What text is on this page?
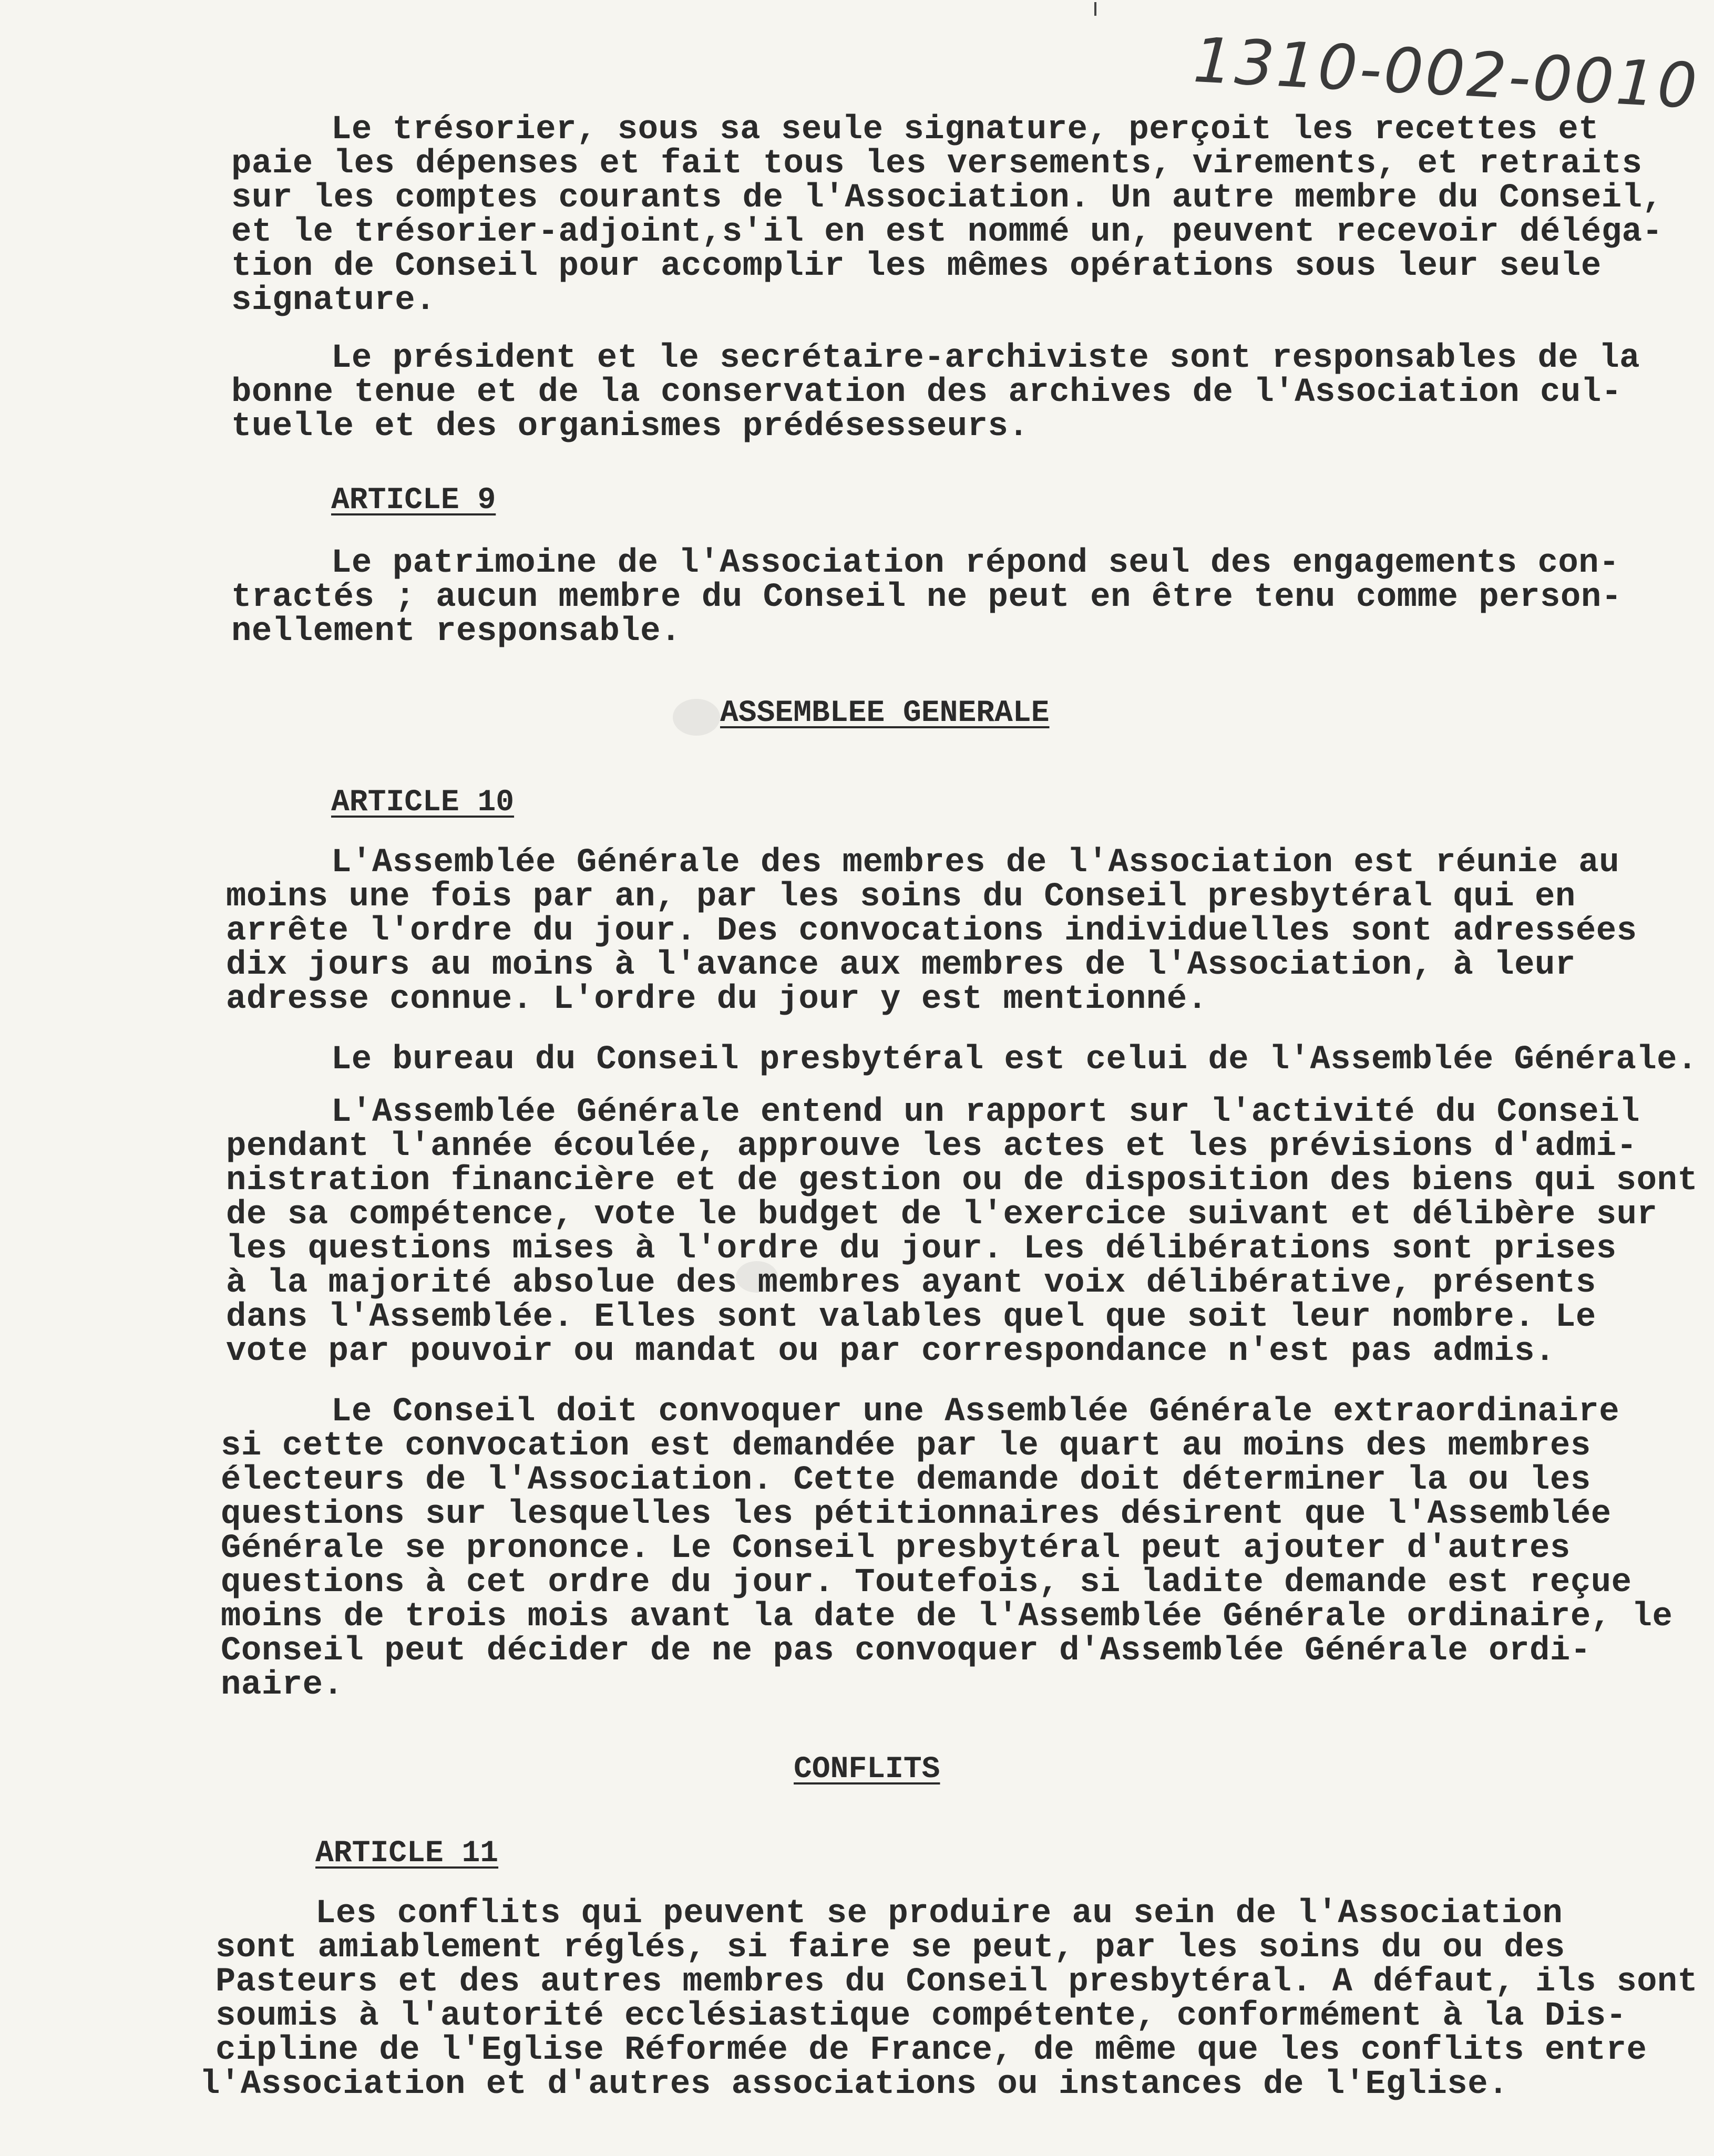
1310-002-0010
Le trésorier, sous sa seule signature, perçoit les recettes et
paie les dépenses et fait tous les versements, virements, et retraits
sur les comptes courants de l'Association. Un autre membre du Conseil,
et le trésorier-adjoint,s'il en est nommé un, peuvent recevoir déléga-
tion de Conseil pour accomplir les mêmes opérations sous leur seule
signature.
Le président et le secrétaire-archiviste sont responsables de la
bonne tenue et de la conservation des archives de l'Association cul-
tuelle et des organismes prédésesseurs.
ARTICLE 9
Le patrimoine de l'Association répond seul des engagements con-
tractés ; aucun membre du Conseil ne peut en être tenu comme person-
nellement responsable.
ASSEMBLEE GENERALE
ARTICLE 10
L'Assemblée Générale des membres de l'Association est réunie au
moins une fois par an, par les soins du Conseil presbytéral qui en
arrête l'ordre du jour. Des convocations individuelles sont adressées
dix jours au moins à l'avance aux membres de l'Association, à leur
adresse connue. L'ordre du jour y est mentionné.
Le bureau du Conseil presbytéral est celui de l'Assemblée Générale.
L'Assemblée Générale entend un rapport sur l'activité du Conseil
pendant l'année écoulée, approuve les actes et les prévisions d'admi-
nistration financière et de gestion ou de disposition des biens qui sont
de sa compétence, vote le budget de l'exercice suivant et délibère sur
les questions mises à l'ordre du jour. Les délibérations sont prises
à la majorité absolue des membres ayant voix délibérative, présents
dans l'Assemblée. Elles sont valables quel que soit leur nombre. Le
vote par pouvoir ou mandat ou par correspondance n'est pas admis.
Le Conseil doit convoquer une Assemblée Générale extraordinaire
si cette convocation est demandée par le quart au moins des membres
électeurs de l'Association. Cette demande doit déterminer la ou les
questions sur lesquelles les pétitionnaires désirent que l'Assemblée
Générale se prononce. Le Conseil presbytéral peut ajouter d'autres
questions à cet ordre du jour. Toutefois, si ladite demande est reçue
moins de trois mois avant la date de l'Assemblée Générale ordinaire, le
Conseil peut décider de ne pas convoquer d'Assemblée Générale ordi-
naire.
CONFLITS
ARTICLE 11
Les conflits qui peuvent se produire au sein de l'Association
sont amiablement réglés, si faire se peut, par les soins du ou des
Pasteurs et des autres membres du Conseil presbytéral. A défaut, ils sont
soumis à l'autorité ecclésiastique compétente, conformément à la Dis-
cipline de l'Eglise Réformée de France, de même que les conflits entre
l'Association et d'autres associations ou instances de l'Eglise.
